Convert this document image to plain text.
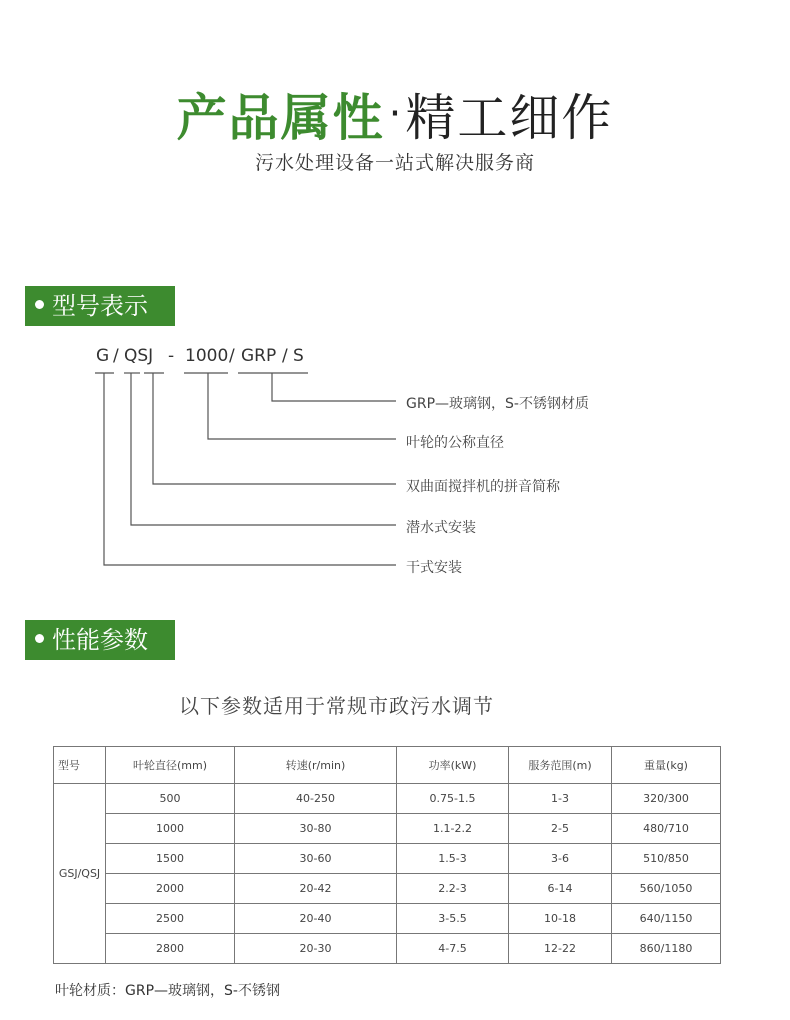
产品属性 ·精工细作
污水处理设备一站式解决服务商
型号表示
G / QSJ - 1000 / GRP / S
GRP—玻璃钢，S-不锈钢材质
叶轮的公称直径
双曲面搅拌机的拼音简称
潜水式安装
干式安装
性能参数
以下参数适用于常规市政污水调节
型号	叶轮直径(mm)	转速(r/min)	功率(kW)	服务范围(m)	重量(kg)
GSJ/QSJ	500	40-250	0.75-1.5	1-3	320/300
	1000	30-80	1.1-2.2	2-5	480/710
	1500	30-60	1.5-3	3-6	510/850
	2000	20-42	2.2-3	6-14	560/1050
	2500	20-40	3-5.5	10-18	640/1150
	2800	20-30	4-7.5	12-22	860/1180
叶轮材质：GRP—玻璃钢，S-不锈钢
